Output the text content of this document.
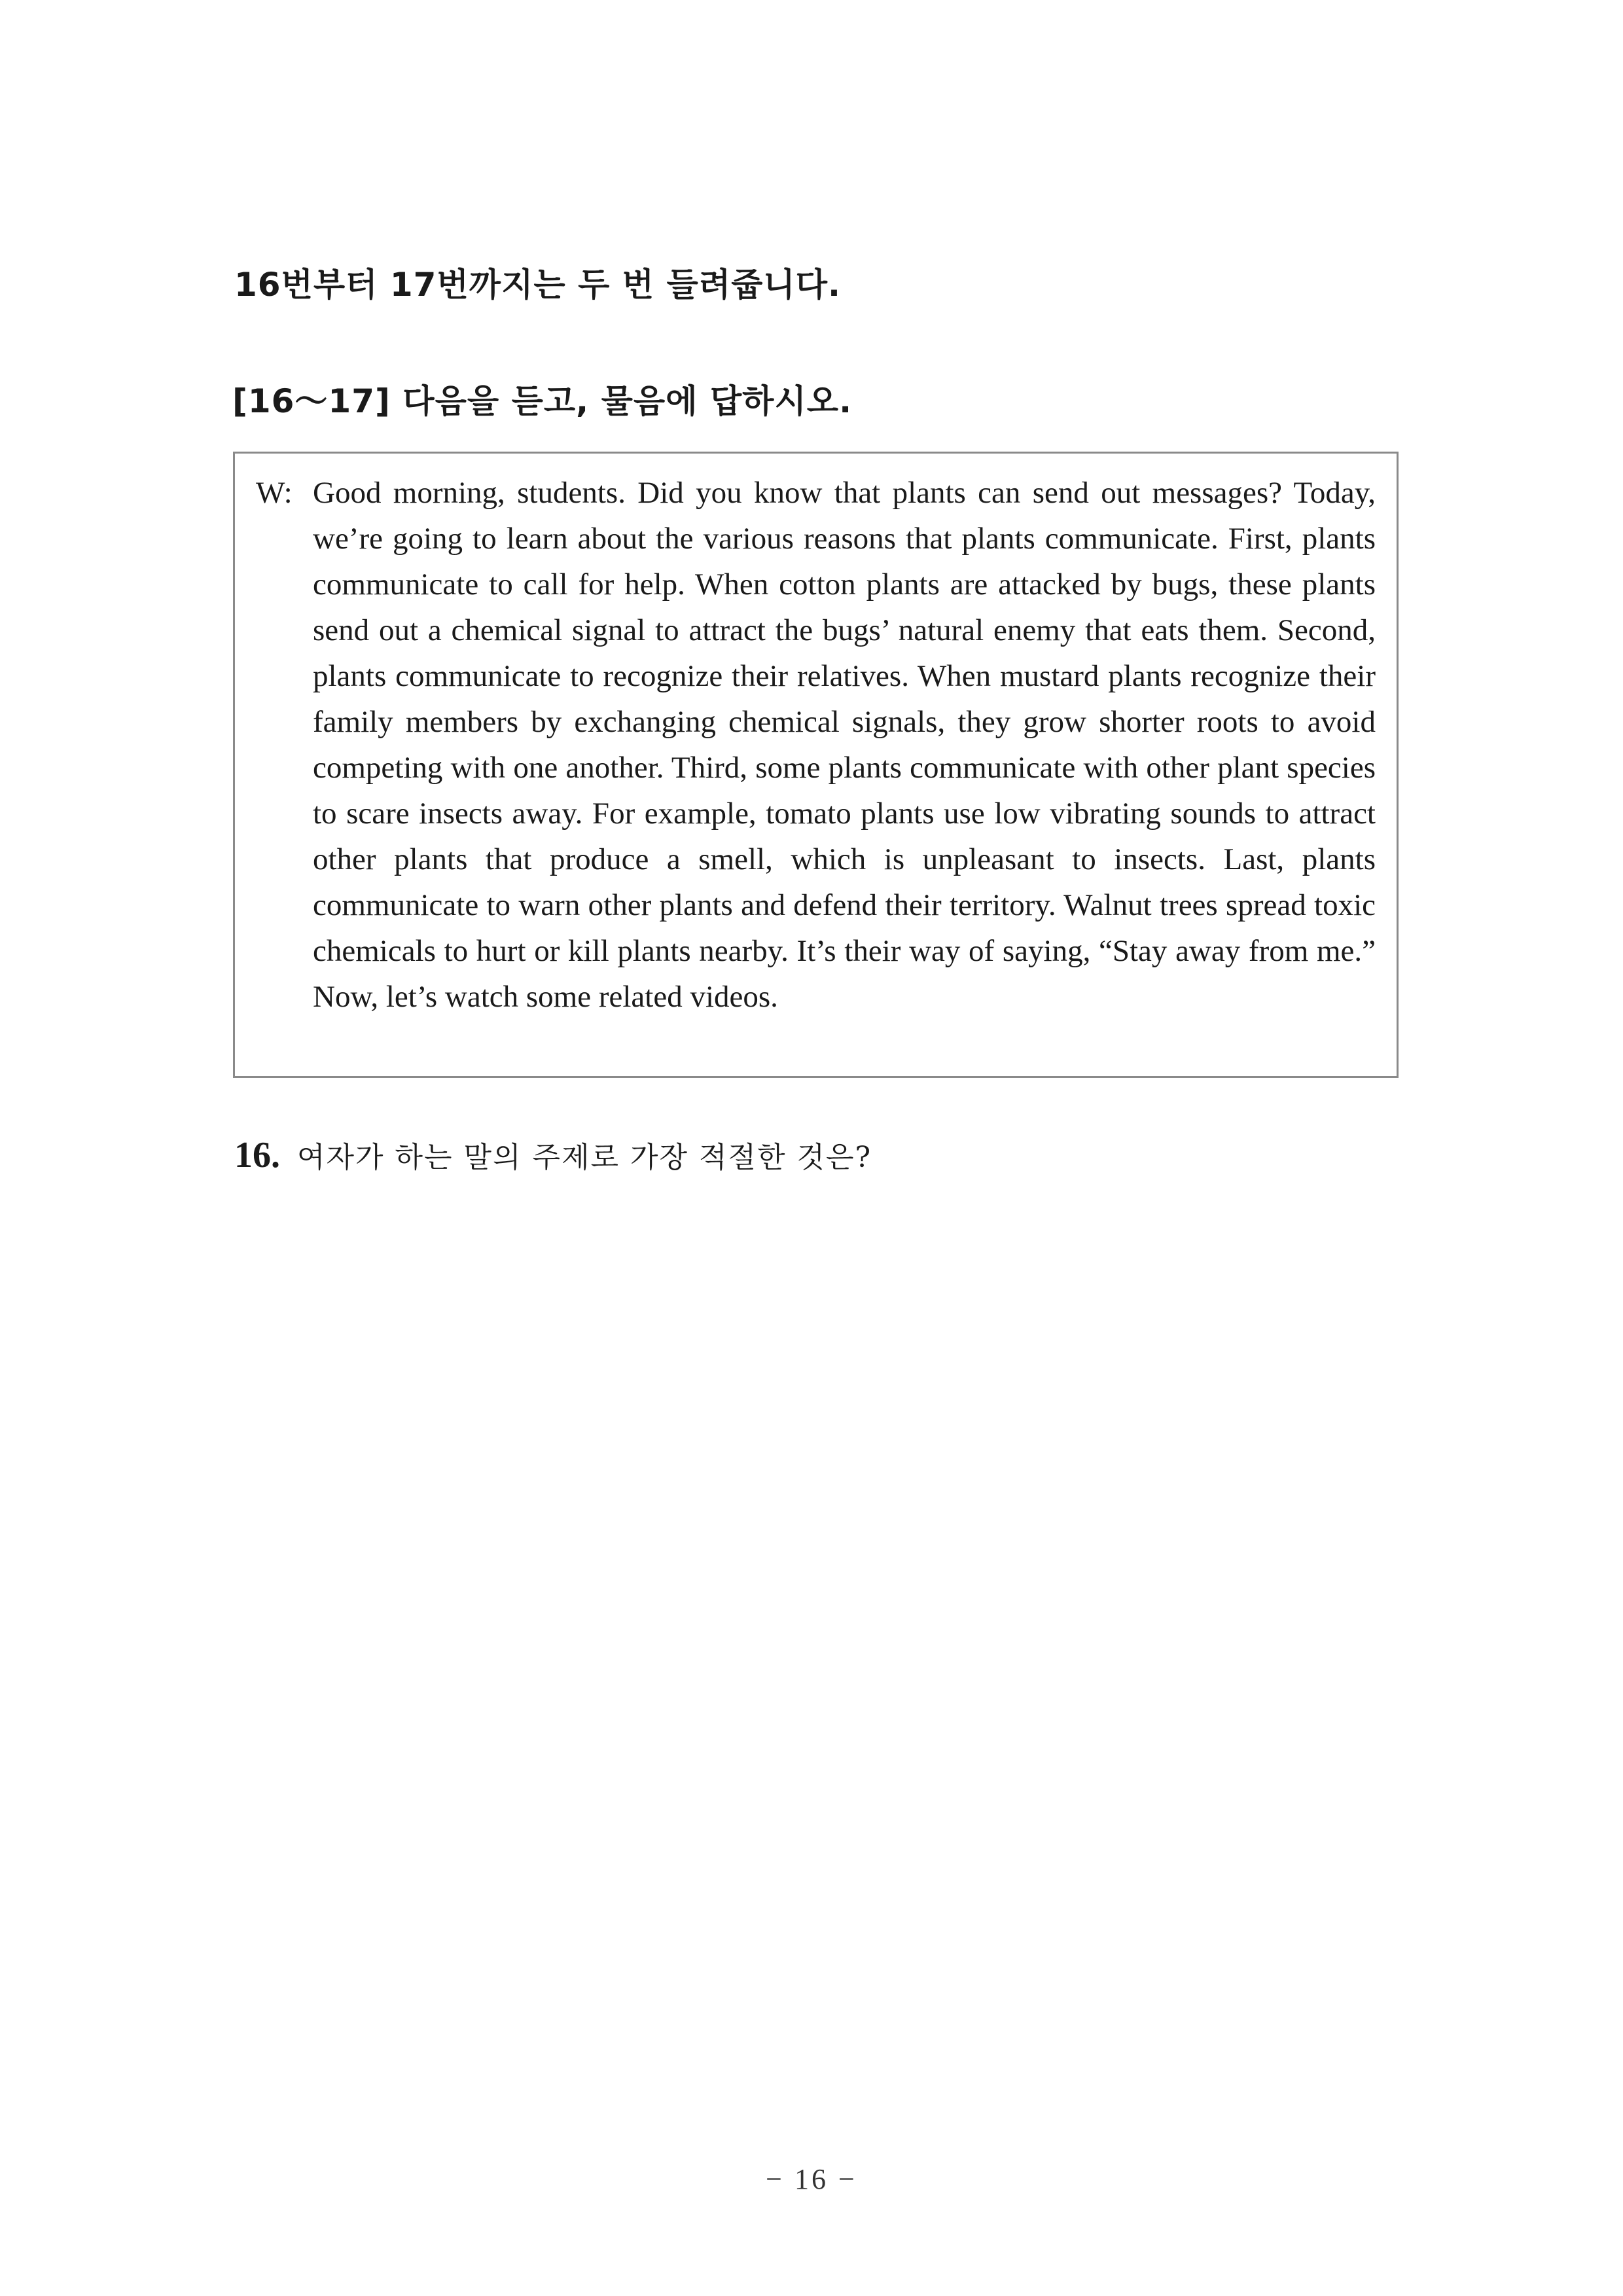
16번부터 17번까지는 두 번 들려줍니다.
[16～17] 다음을 듣고, 물음에 답하시오.
W: Good morning, students. Did you know that plants can send out messages? Today, we’re going to learn about the various reasons that plants communicate. First, plants communicate to call for help. When cotton plants are attacked by bugs, these plants send out a chemical signal to attract the bugs’ natural enemy that eats them. Second, plants communicate to recognize their relatives. When mustard plants recognize their family members by exchanging chemical signals, they grow shorter roots to avoid competing with one another. Third, some plants communicate with other plant species to scare insects away. For example, tomato plants use low vibrating sounds to attract other plants that produce a smell, which is unpleasant to insects. Last, plants communicate to warn other plants and defend their territory. Walnut trees spread toxic chemicals to hurt or kill plants nearby. It’s their way of saying, “Stay away from me.” Now, let’s watch some related videos.
16. 여자가 하는 말의 주제로 가장 적절한 것은?
− 16 −
